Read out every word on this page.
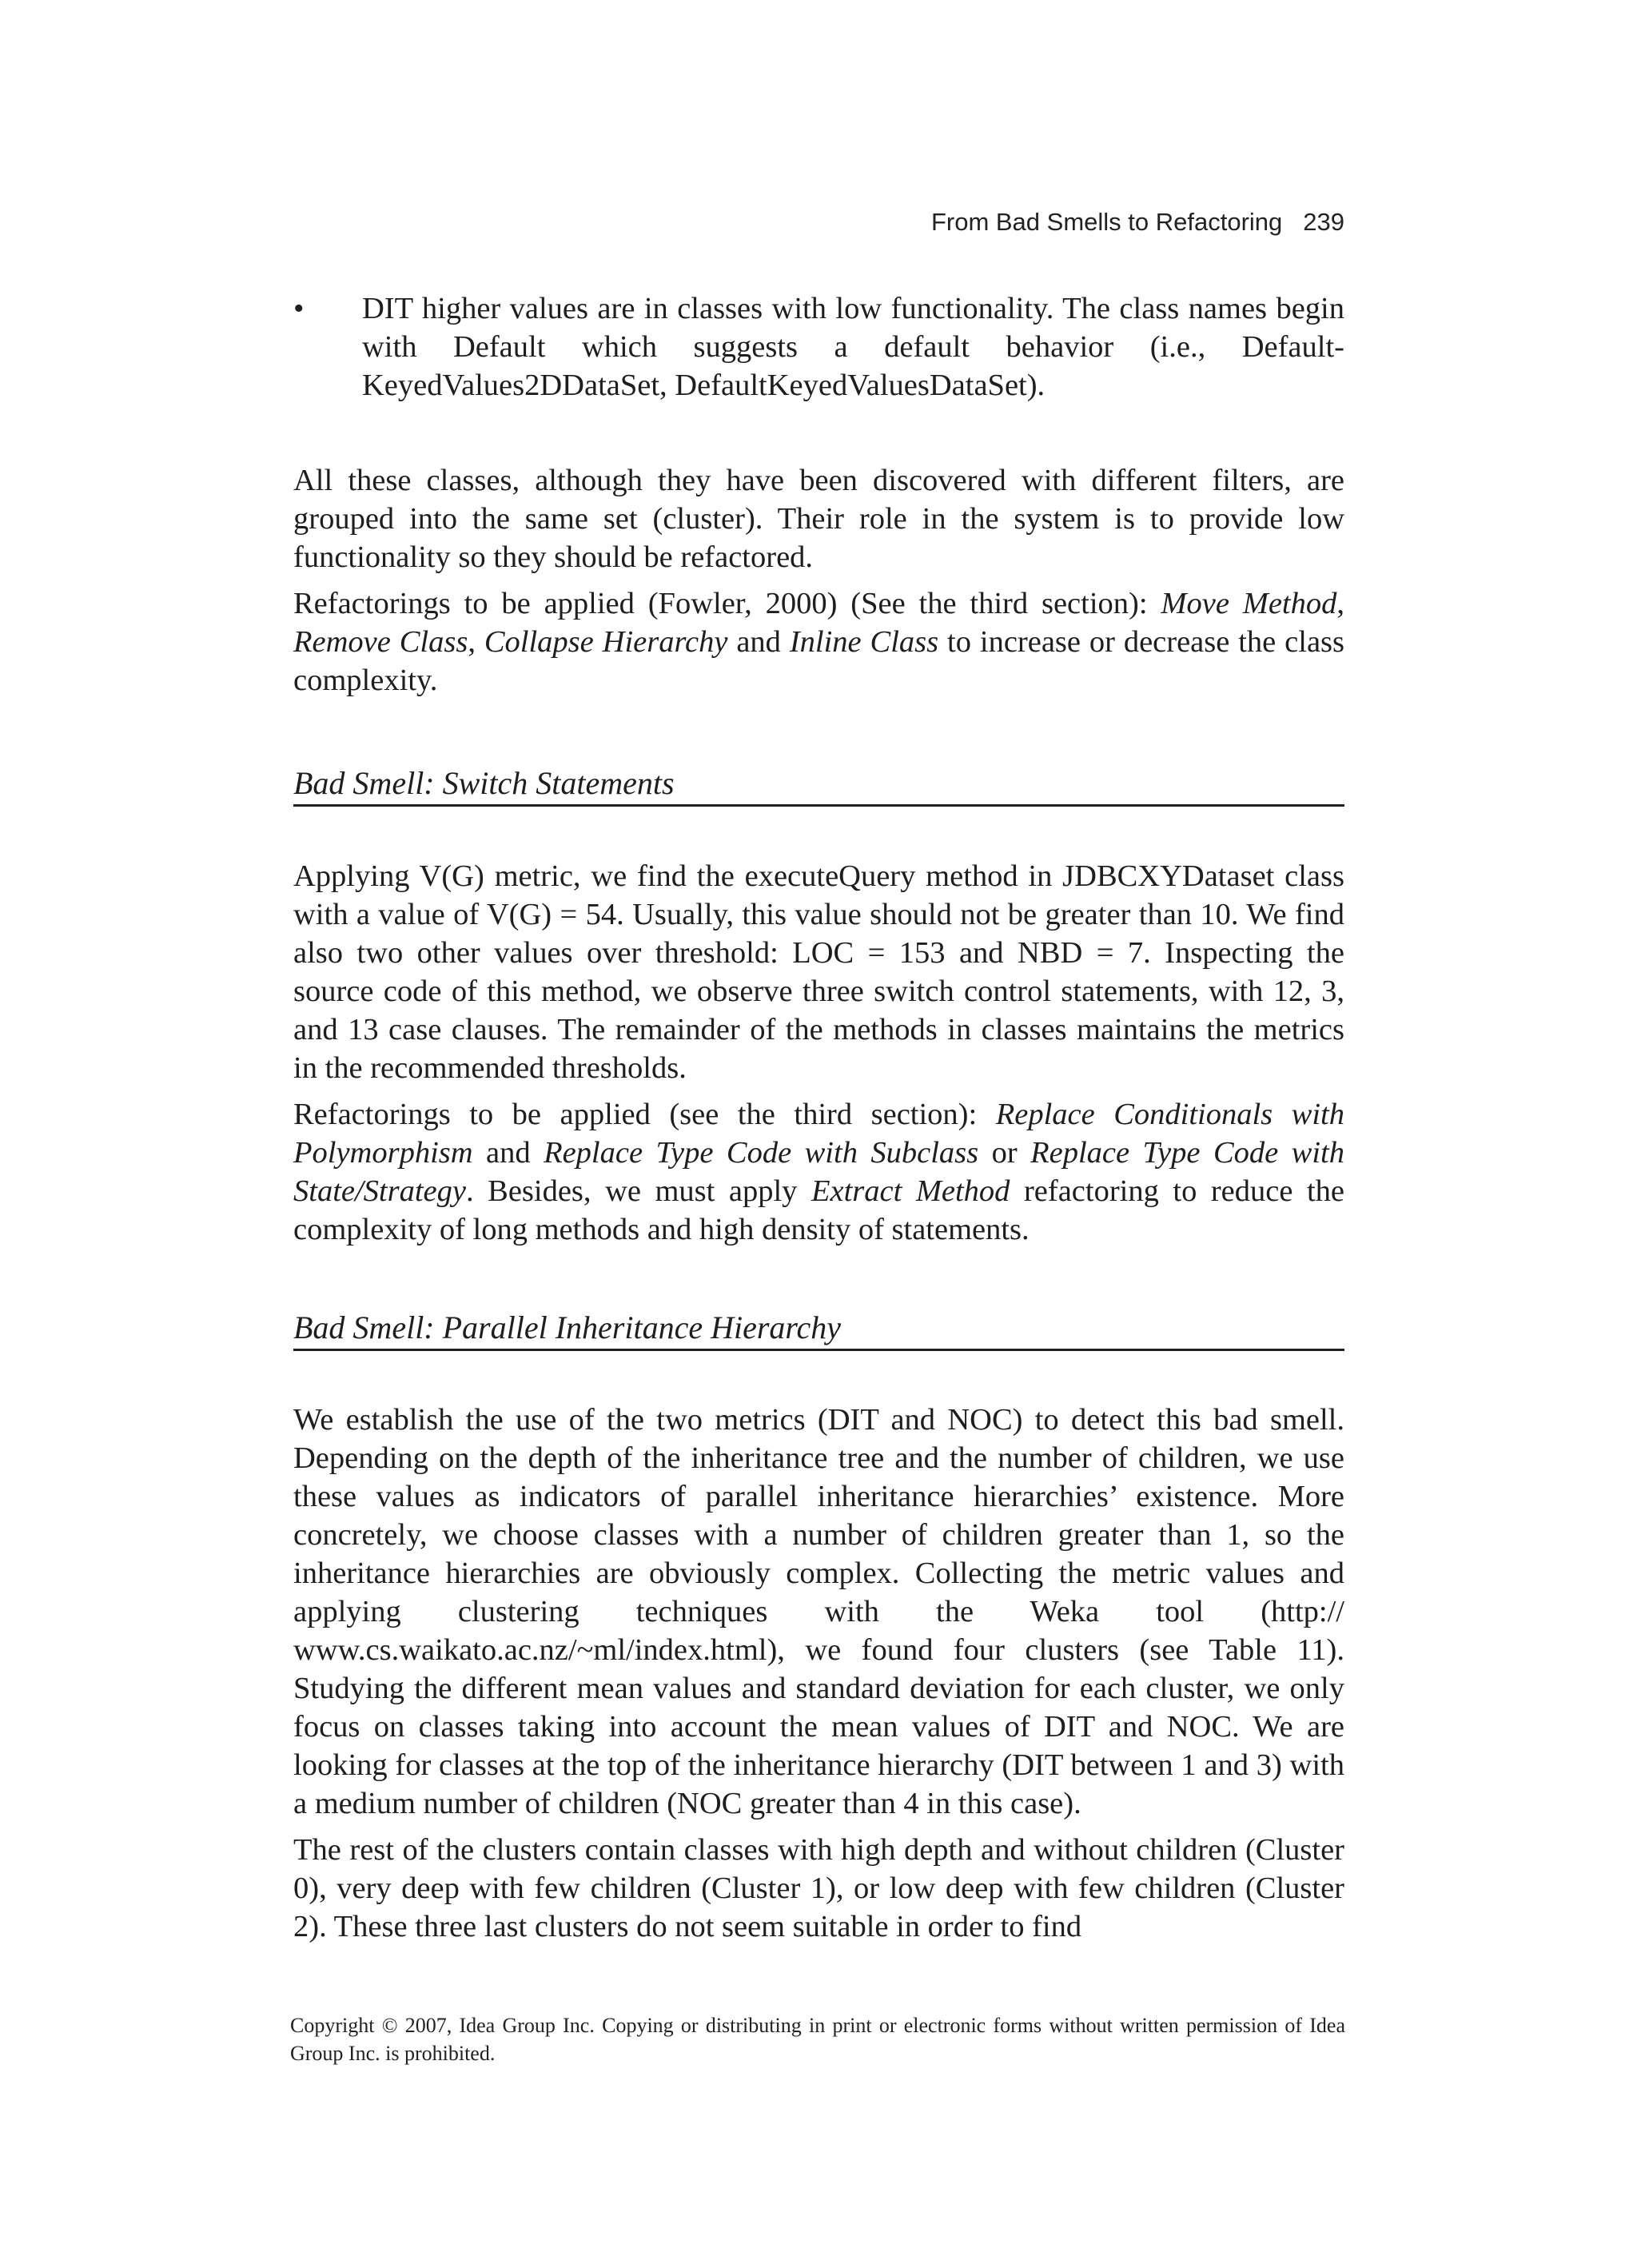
From Bad Smells to Refactoring 239
•	DIT higher values are in classes with low functionality. The class names begin with Default which suggests a default behavior (i.e., Default-KeyedValues2DDataSet, DefaultKeyedValuesDataSet).

All these classes, although they have been discovered with different filters, are grouped into the same set (cluster). Their role in the system is to provide low functionality so they should be refactored.

Refactorings to be applied (Fowler, 2000) (See the third section): Move Method, Remove Class, Collapse Hierarchy and Inline Class to increase or decrease the class complexity.

Bad Smell: Switch Statements

Applying V(G) metric, we find the executeQuery method in JDBCXYDataset class with a value of V(G) = 54. Usually, this value should not be greater than 10. We find also two other values over threshold: LOC = 153 and NBD = 7. Inspecting the source code of this method, we observe three switch control statements, with 12, 3, and 13 case clauses. The remainder of the methods in classes maintains the metrics in the recommended thresholds.

Refactorings to be applied (see the third section): Replace Conditionals with Polymorphism and Replace Type Code with Subclass or Replace Type Code with State/Strategy. Besides, we must apply Extract Method refactoring to reduce the complexity of long methods and high density of statements.

Bad Smell: Parallel Inheritance Hierarchy

We establish the use of the two metrics (DIT and NOC) to detect this bad smell. Depending on the depth of the inheritance tree and the number of children, we use these values as indicators of parallel inheritance hierarchies’ existence. More concretely, we choose classes with a number of children greater than 1, so the inheritance hierarchies are obviously complex. Collecting the metric values and applying clustering techniques with the Weka tool (http:// www.cs.waikato.ac.nz/~ml/index.html), we found four clusters (see Table 11). Studying the different mean values and standard deviation for each cluster, we only focus on classes taking into account the mean values of DIT and NOC. We are looking for classes at the top of the inheritance hierarchy (DIT between 1 and 3) with a medium number of children (NOC greater than 4 in this case).

The rest of the clusters contain classes with high depth and without children (Cluster 0), very deep with few children (Cluster 1), or low deep with few children (Cluster 2). These three last clusters do not seem suitable in order to find

Copyright © 2007, Idea Group Inc. Copying or distributing in print or electronic forms without written permission of Idea Group Inc. is prohibited.
